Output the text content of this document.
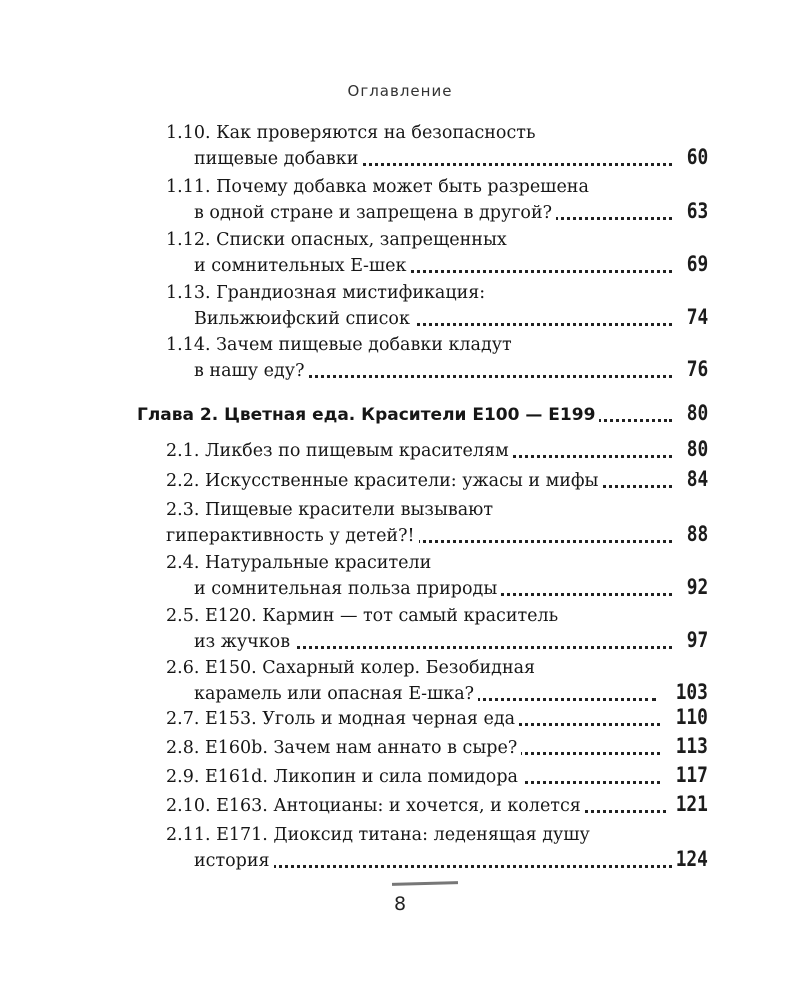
Оглавление
1.10. Как проверяются на безопасность
пищевые добавки	60
1.11. Почему добавка может быть разрешена
в одной стране и запрещена в другой?	63
1.12. Списки опасных, запрещенных
и сомнительных Е-шек	69
1.13. Грандиозная мистификация:
Вильжюифский список	74
1.14. Зачем пищевые добавки кладут
в нашу еду?	76
Глава 2. Цветная еда. Красители Е100 — Е199	80
2.1. Ликбез по пищевым красителям	80
2.2. Искусственные красители: ужасы и мифы	84
2.3. Пищевые красители вызывают
гиперактивность у детей?!	88
2.4. Натуральные красители
и сомнительная польза природы	92
2.5. Е120. Кармин — тот самый краситель
из жучков	97
2.6. Е150. Сахарный колер. Безобидная
карамель или опасная Е-шка?	103
2.7. Е153. Уголь и модная черная еда	110
2.8. Е160b. Зачем нам аннато в сыре?	113
2.9. Е161d. Ликопин и сила помидора	117
2.10. Е163. Антоцианы: и хочется, и колется	121
2.11. Е171. Диоксид титана: леденящая душу
история	124
8
